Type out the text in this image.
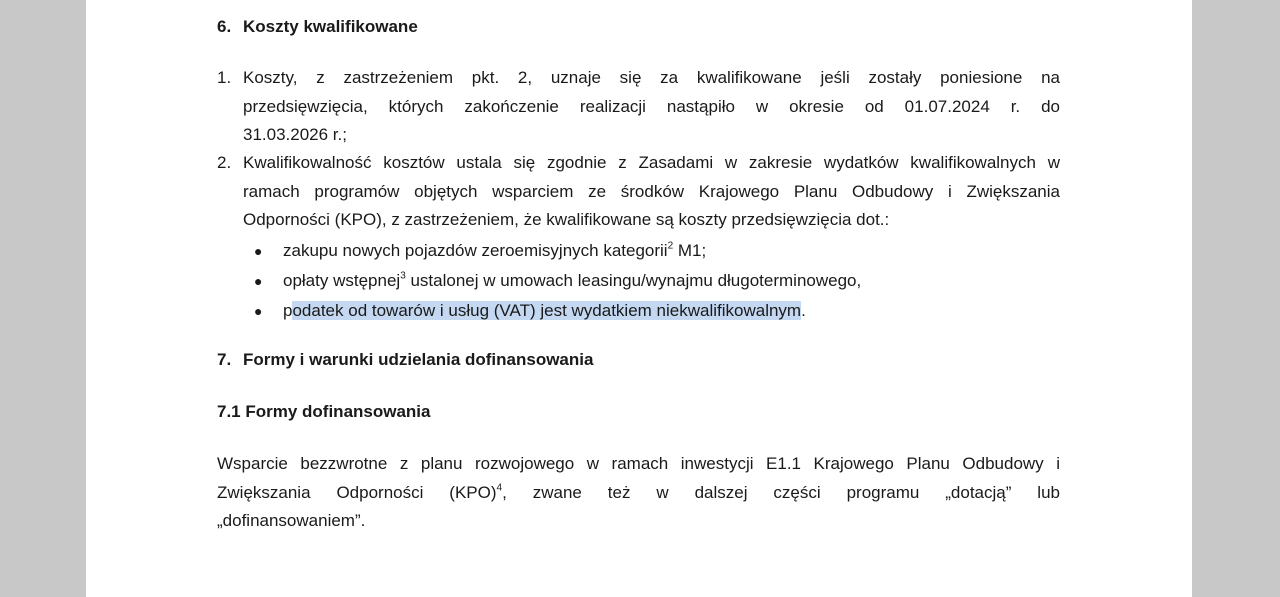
6. Koszty kwalifikowane
1. Koszty, z zastrzeżeniem pkt. 2, uznaje się za kwalifikowane jeśli zostały poniesione na
przedsięwzięcia, których zakończenie realizacji nastąpiło w okresie od 01.07.2024 r. do
31.03.2026 r.;
2. Kwalifikowalność kosztów ustala się zgodnie z Zasadami w zakresie wydatków kwalifikowalnych w
ramach programów objętych wsparciem ze środków Krajowego Planu Odbudowy i Zwiększania
Odporności (KPO), z zastrzeżeniem, że kwalifikowane są koszty przedsięwzięcia dot.:
● zakupu nowych pojazdów zeroemisyjnych kategorii$^2$ M1;
● opłaty wstępnej$^3$ ustalonej w umowach leasingu/wynajmu długoterminowego,
● podatek od towarów i usług (VAT) jest wydatkiem niekwalifikowalnym.
7. Formy i warunki udzielania dofinansowania
7.1 Formy dofinansowania
Wsparcie bezzwrotne z planu rozwojowego w ramach inwestycji E1.1 Krajowego Planu Odbudowy i
Zwiększania Odporności (KPO)$^4$, zwane też w dalszej części programu „dotacją” lub
„dofinansowaniem”.
